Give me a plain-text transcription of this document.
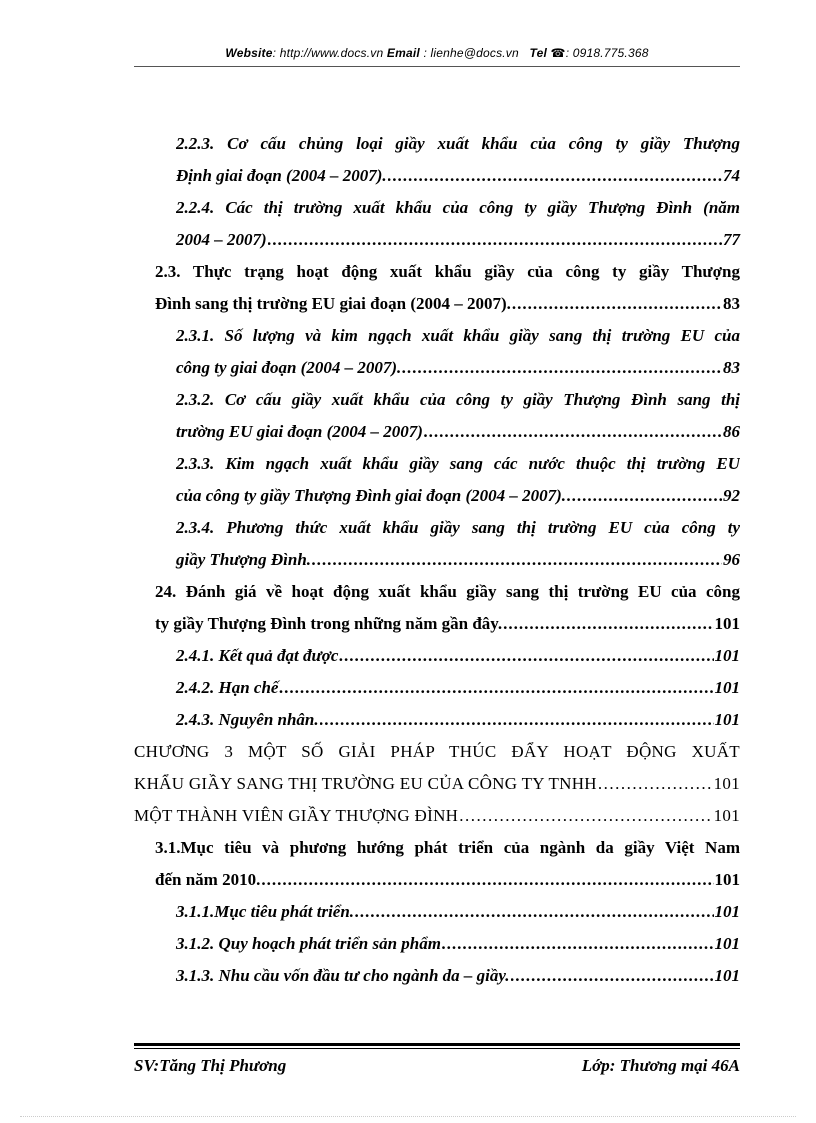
Website: http://www.docs.vn Email : lienhe@docs.vn Tel ☎: 0918.775.368
2.2.3. Cơ cấu chủng loại giầy xuất khẩu của công ty giầy Thượng
Định giai đoạn (2004 – 2007). .....	74
2.2.4. Các thị trường xuất khẩu của công ty giầy Thượng Đình (năm
2004 – 2007) .....	77
2.3. Thực trạng hoạt động xuất khẩu giầy của công ty giầy Thượng
Đình sang thị trường EU giai đoạn (2004 – 2007). .....	83
2.3.1. Số lượng và kim ngạch xuất khẩu giầy sang thị trường EU của
công ty giai đoạn (2004 – 2007). .....	83
2.3.2. Cơ cấu giầy xuất khẩu của công ty giầy Thượng Đình sang thị
trường EU giai đoạn (2004 – 2007) .....	86
2.3.3. Kim ngạch xuất khẩu giầy sang các nước thuộc thị trường EU
của công ty giầy Thượng Đình giai đoạn (2004 – 2007). .....	92
2.3.4. Phương thức xuất khẩu giầy sang thị trường EU của công ty
giầy Thượng Đình. .....	96
24. Đánh giá về hoạt động xuất khẩu giầy sang thị trường EU của công
ty giầy Thượng Đình trong những năm gần đây. .....	101
2.4.1. Kết quả đạt được .....	101
2.4.2. Hạn chế .....	101
2.4.3. Nguyên nhân. .....	101
CHƯƠNG 3 MỘT SỐ GIẢI PHÁP THÚC ĐẨY HOẠT ĐỘNG XUẤT
KHẨU GIẦY SANG THỊ TRƯỜNG EU CỦA CÔNG TY TNHH .....	101
MỘT THÀNH VIÊN GIẦY THƯỢNG ĐÌNH .....	101
3.1.Mục tiêu và phương hướng phát triển của ngành da giầy Việt Nam
đến năm 2010. .....	101
3.1.1.Mục tiêu phát triển. .....	101
3.1.2. Quy hoạch phát triển sản phẩm .....	101
3.1.3. Nhu cầu vốn đầu tư cho ngành da – giầy. .....	101
SV:Tăng Thị Phương	Lớp: Thương mại 46A
